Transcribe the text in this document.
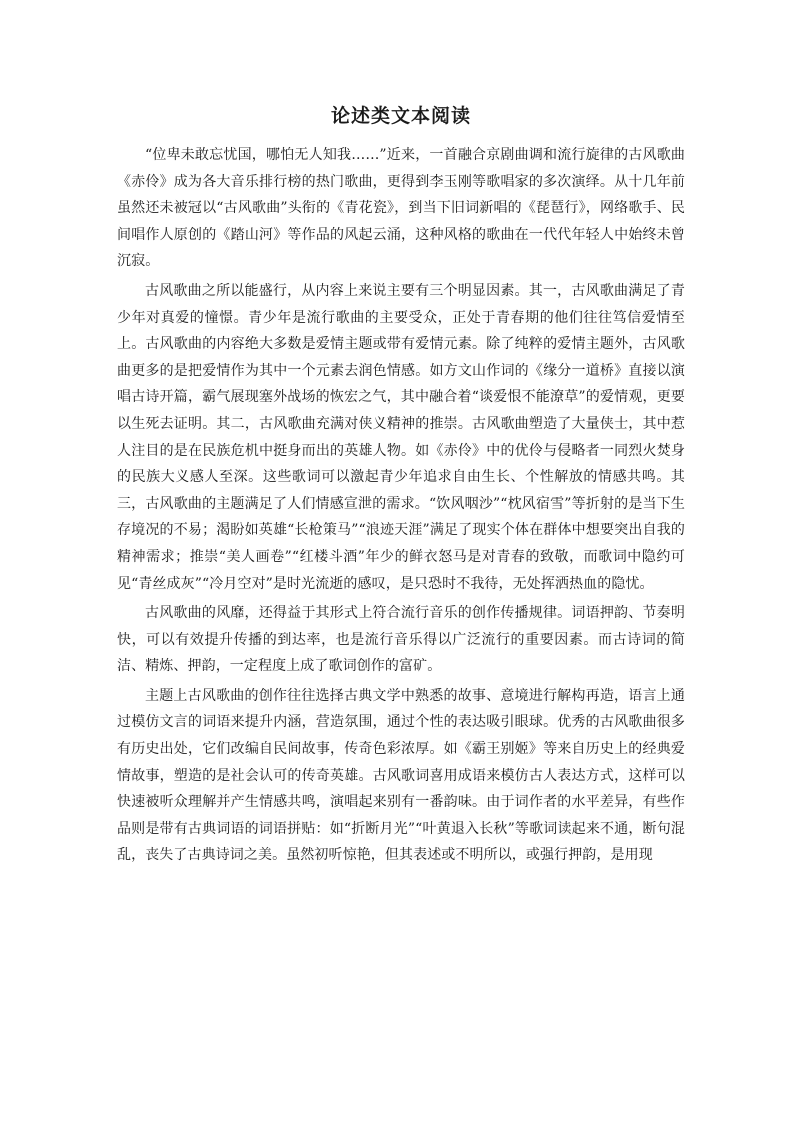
论述类文本阅读

“位卑未敢忘忧国，哪怕无人知我……”近来，一首融合京剧曲调和流行旋律的古风歌曲《赤伶》成为各大音乐排行榜的热门歌曲，更得到李玉刚等歌唱家的多次演绎。从十几年前虽然还未被冠以“古风歌曲”头衔的《青花瓷》，到当下旧词新唱的《琵琶行》，网络歌手、民间唱作人原创的《踏山河》等作品的风起云涌，这种风格的歌曲在一代代年轻人中始终未曾沉寂。

古风歌曲之所以能盛行，从内容上来说主要有三个明显因素。其一，古风歌曲满足了青少年对真爱的憧憬。青少年是流行歌曲的主要受众，正处于青春期的他们往往笃信爱情至上。古风歌曲的内容绝大多数是爱情主题或带有爱情元素。除了纯粹的爱情主题外，古风歌曲更多的是把爱情作为其中一个元素去润色情感。如方文山作词的《缘分一道桥》直接以演唱古诗开篇，霸气展现塞外战场的恢宏之气，其中融合着“谈爱恨不能潦草”的爱情观，更要以生死去证明。其二，古风歌曲充满对侠义精神的推崇。古风歌曲塑造了大量侠士，其中惹人注目的是在民族危机中挺身而出的英雄人物。如《赤伶》中的优伶与侵略者一同烈火焚身的民族大义感人至深。这些歌词可以激起青少年追求自由生长、个性解放的情感共鸣。其三，古风歌曲的主题满足了人们情感宣泄的需求。“饮风咽沙”“枕风宿雪”等折射的是当下生存境况的不易；渴盼如英雄“长枪策马”“浪迹天涯”满足了现实个体在群体中想要突出自我的精神需求；推崇“美人画卷”“红楼斗酒”年少的鲜衣怒马是对青春的致敬，而歌词中隐约可见“青丝成灰”“冷月空对”是时光流逝的感叹，是只恐时不我待，无处挥洒热血的隐忧。

古风歌曲的风靡，还得益于其形式上符合流行音乐的创作传播规律。词语押韵、节奏明快，可以有效提升传播的到达率，也是流行音乐得以广泛流行的重要因素。而古诗词的简洁、精炼、押韵，一定程度上成了歌词创作的富矿。

主题上古风歌曲的创作往往选择古典文学中熟悉的故事、意境进行解构再造，语言上通过模仿文言的词语来提升内涵，营造氛围，通过个性的表达吸引眼球。优秀的古风歌曲很多有历史出处，它们改编自民间故事，传奇色彩浓厚。如《霸王别姬》等来自历史上的经典爱情故事，塑造的是社会认可的传奇英雄。古风歌词喜用成语来模仿古人表达方式，这样可以快速被听众理解并产生情感共鸣，演唱起来别有一番韵味。由于词作者的水平差异，有些作品则是带有古典词语的词语拼贴：如“折断月光”“叶黄退入长秋”等歌词读起来不通，断句混乱，丧失了古典诗词之美。虽然初听惊艳，但其表述或不明所以，或强行押韵，是用现
